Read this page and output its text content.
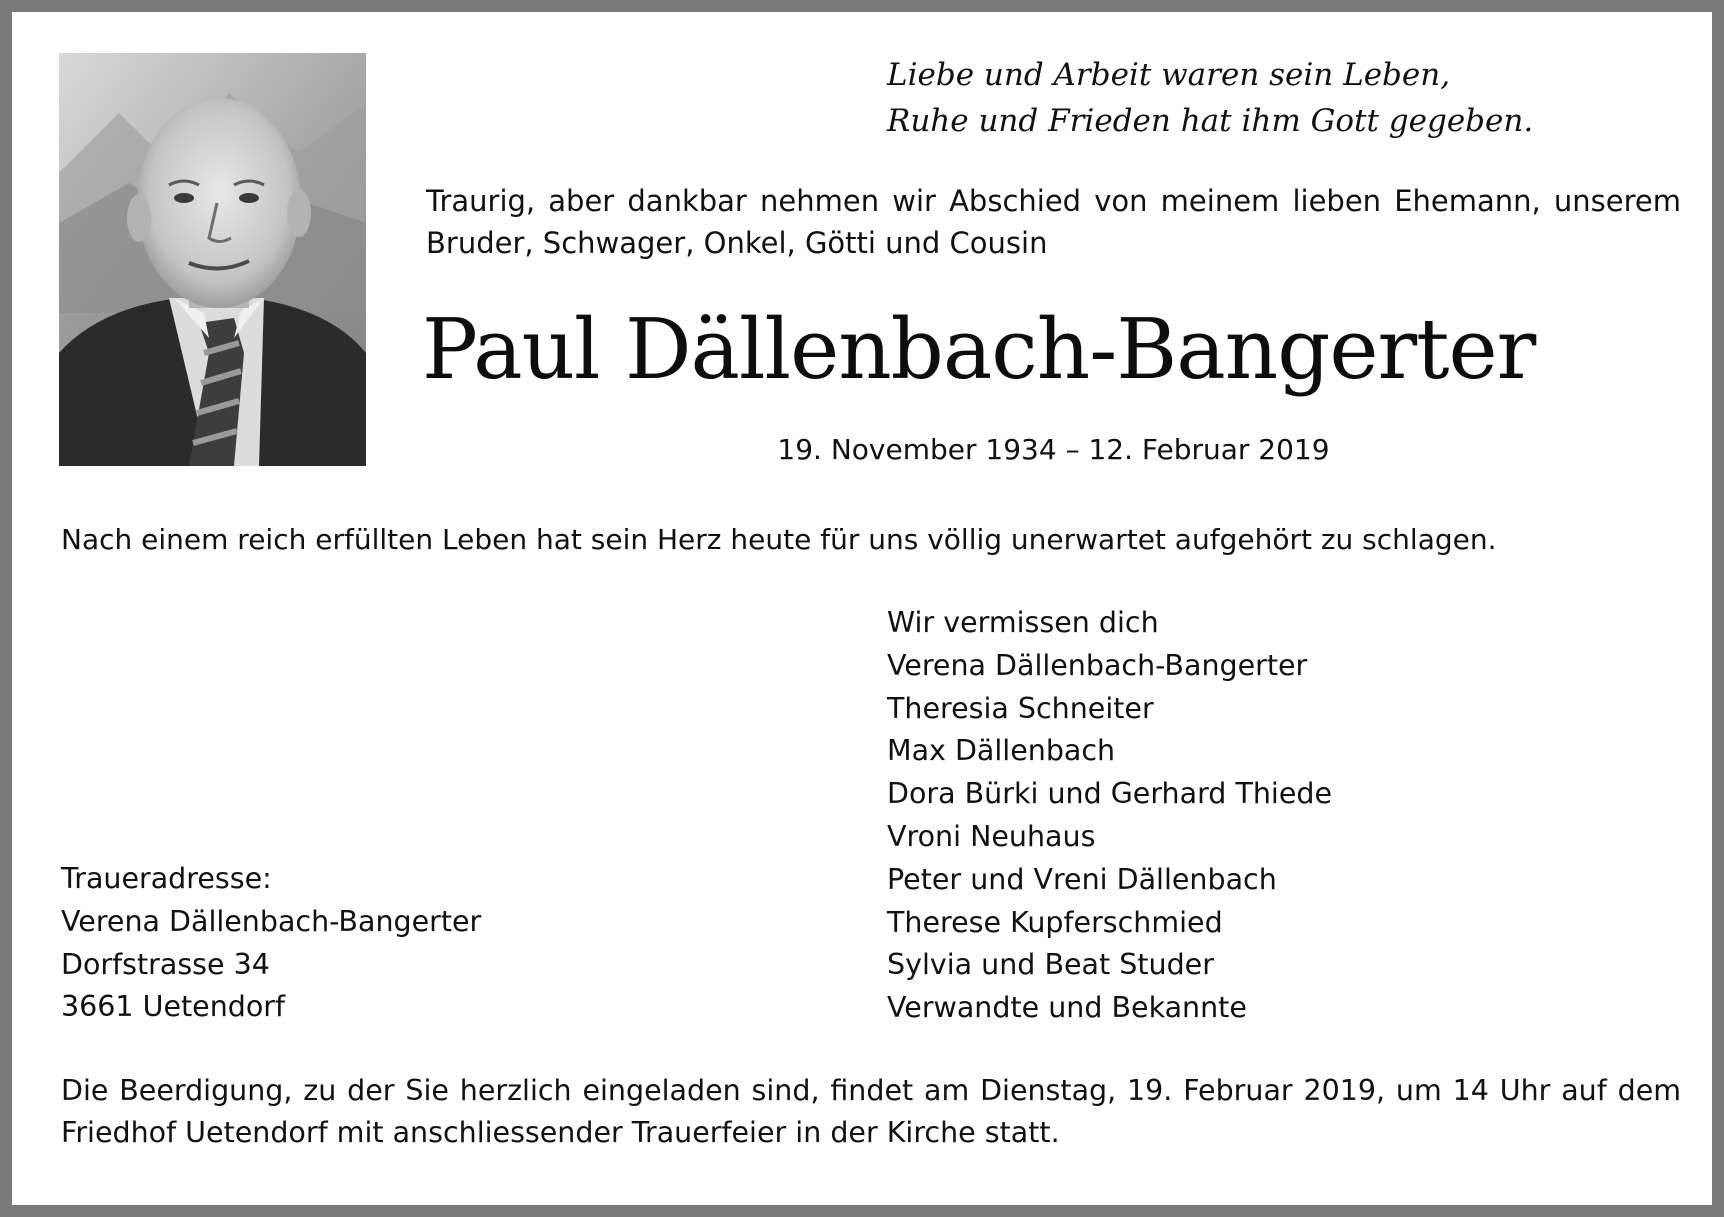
Liebe und Arbeit waren sein Leben,
Ruhe und Frieden hat ihm Gott gegeben.
Traurig, aber dankbar nehmen wir Abschied von meinem lieben Ehemann, unserem Bruder, Schwager, Onkel, Götti und Cousin
Paul Dällenbach-Bangerter
19. November 1934 – 12. Februar 2019
Nach einem reich erfüllten Leben hat sein Herz heute für uns völlig unerwartet aufgehört zu schlagen.
Wir vermissen dich
Verena Dällenbach-Bangerter
Theresia Schneiter
Max Dällenbach
Dora Bürki und Gerhard Thiede
Vroni Neuhaus
Peter und Vreni Dällenbach
Therese Kupferschmied
Sylvia und Beat Studer
Verwandte und Bekannte
Traueradresse:
Verena Dällenbach-Bangerter
Dorfstrasse 34
3661 Uetendorf
Die Beerdigung, zu der Sie herzlich eingeladen sind, findet am Dienstag, 19. Februar 2019, um 14 Uhr auf dem Friedhof Uetendorf mit anschliessender Trauerfeier in der Kirche statt.
